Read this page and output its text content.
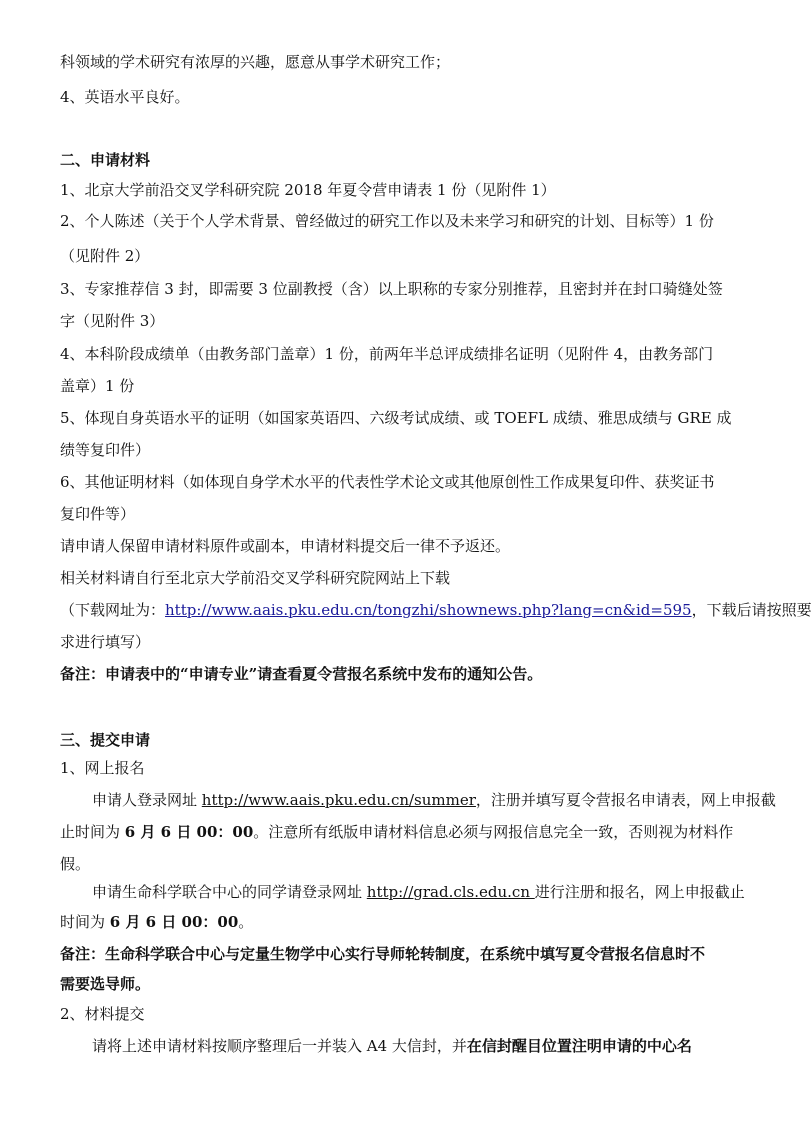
科领域的学术研究有浓厚的兴趣，愿意从事学术研究工作；
4、英语水平良好。
二、申请材料
1、北京大学前沿交叉学科研究院 2018 年夏令营申请表 1 份（见附件 1）
2、个人陈述（关于个人学术背景、曾经做过的研究工作以及未来学习和研究的计划、目标等）1 份
（见附件 2）
3、专家推荐信 3 封，即需要 3 位副教授（含）以上职称的专家分别推荐，且密封并在封口骑缝处签
字（见附件 3）
4、本科阶段成绩单（由教务部门盖章）1 份，前两年半总评成绩排名证明（见附件 4，由教务部门
盖章）1 份
5、体现自身英语水平的证明（如国家英语四、六级考试成绩、或 TOEFL 成绩、雅思成绩与 GRE 成
绩等复印件）
6、其他证明材料（如体现自身学术水平的代表性学术论文或其他原创性工作成果复印件、获奖证书
复印件等）
请申请人保留申请材料原件或副本，申请材料提交后一律不予返还。
相关材料请自行至北京大学前沿交叉学科研究院网站上下载
（下载网址为：http://www.aais.pku.edu.cn/tongzhi/shownews.php?lang=cn&id=595，下载后请按照要
求进行填写）
备注：申请表中的“申请专业”请查看夏令营报名系统中发布的通知公告。
三、提交申请
1、网上报名
申请人登录网址 http://www.aais.pku.edu.cn/summer，注册并填写夏令营报名申请表，网上申报截
止时间为 6 月 6 日 00：00。注意所有纸版申请材料信息必须与网报信息完全一致，否则视为材料作
假。
申请生命科学联合中心的同学请登录网址 http://grad.cls.edu.cn 进行注册和报名，网上申报截止
时间为 6 月 6 日 00：00。
备注：生命科学联合中心与定量生物学中心实行导师轮转制度，在系统中填写夏令营报名信息时不
需要选导师。
2、材料提交
请将上述申请材料按顺序整理后一并装入 A4 大信封，并在信封醒目位置注明申请的中心名
